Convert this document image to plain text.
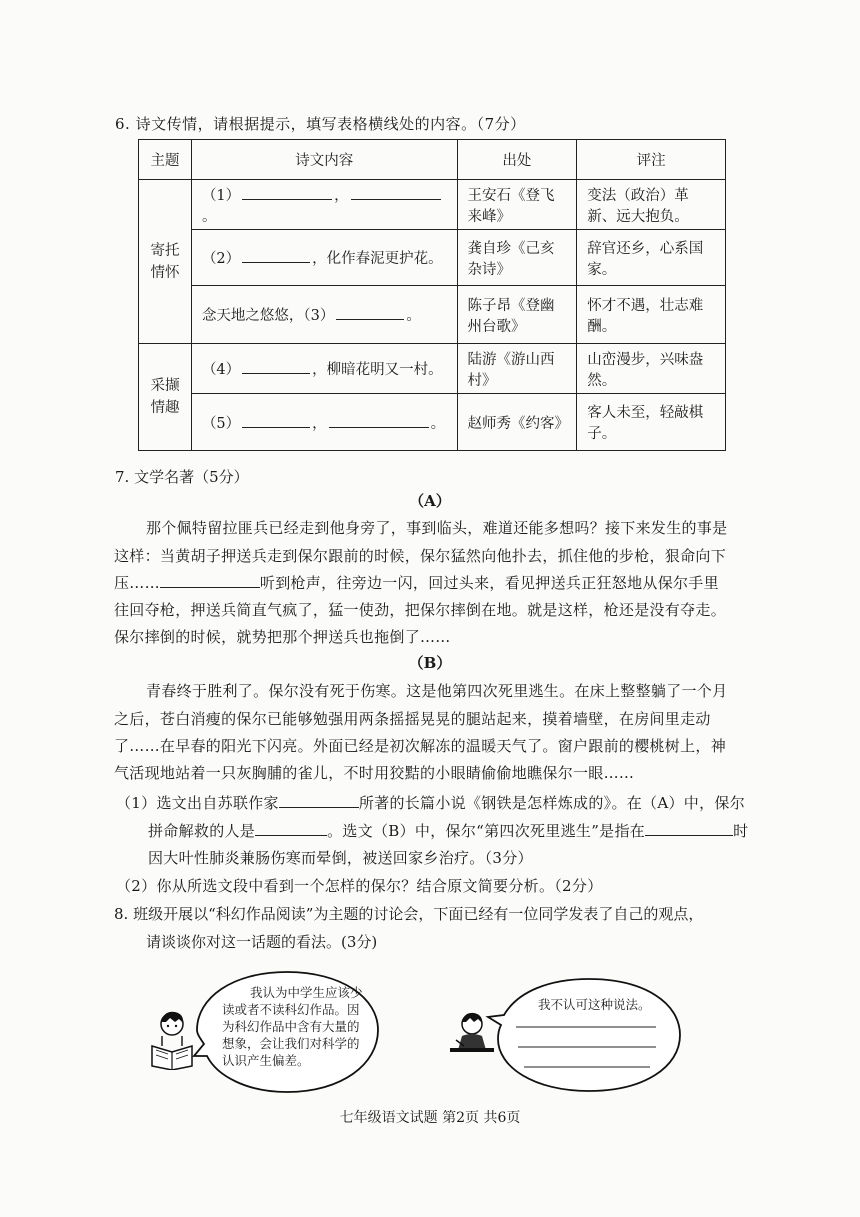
6. 诗文传情，请根据提示，填写表格横线处的内容。（7分）
主题	诗文内容	出处	评注
寄托
情怀	（1） ，。	王安石《登飞来峰》	变法（政治）革新、远大抱负。
	（2） ，化作春泥更护花。	龚自珍《己亥杂诗》	辞官还乡，心系国家。
	念天地之悠悠，（3） 。	陈子昂《登幽州台歌》	怀才不遇，壮志难酬。
采撷
情趣	（4） ，柳暗花明又一村。	陆游《游山西村》	山峦漫步，兴味盎然。
	（5） ， 。	赵师秀《约客》	客人未至，轻敲棋子。
7. 文学名著（5分）
（A）
那个佩特留拉匪兵已经走到他身旁了，事到临头，难道还能多想吗？接下来发生的事是
这样：当黄胡子押送兵走到保尔跟前的时候，保尔猛然向他扑去，抓住他的步枪，狠命向下
压……	听到枪声，往旁边一闪，回过头来，看见押送兵正狂怒地从保尔手里
往回夺枪，押送兵简直气疯了，猛一使劲，把保尔摔倒在地。就是这样，枪还是没有夺走。
保尔摔倒的时候，就势把那个押送兵也拖倒了……
（B）
青春终于胜利了。保尔没有死于伤寒。这是他第四次死里逃生。在床上整整躺了一个月
之后，苍白消瘦的保尔已能够勉强用两条摇摇晃晃的腿站起来，摸着墙壁，在房间里走动
了……在早春的阳光下闪亮。外面已经是初次解冻的温暖天气了。窗户跟前的樱桃树上，神
气活现地站着一只灰胸脯的雀儿，不时用狡黠的小眼睛偷偷地瞧保尔一眼……
（1）选文出自苏联作家	所著的长篇小说《钢铁是怎样炼成的》。在（A）中，保尔
拼命解救的人是	。选文（B）中，保尔“第四次死里逃生”是指在	时
因大叶性肺炎兼肠伤寒而晕倒，被送回家乡治疗。（3分）
（2）你从所选文段中看到一个怎样的保尔？结合原文简要分析。（2分）
8. 班级开展以“科幻作品阅读”为主题的讨论会，下面已经有一位同学发表了自己的观点，
请谈谈你对这一话题的看法。(3分)
我认为中学生应该少
读或者不读科幻作品。因
为科幻作品中含有大量的
想象，会让我们对科学的
认识产生偏差。
我不认可这种说法。
七年级语文试题 第2页 共6页
